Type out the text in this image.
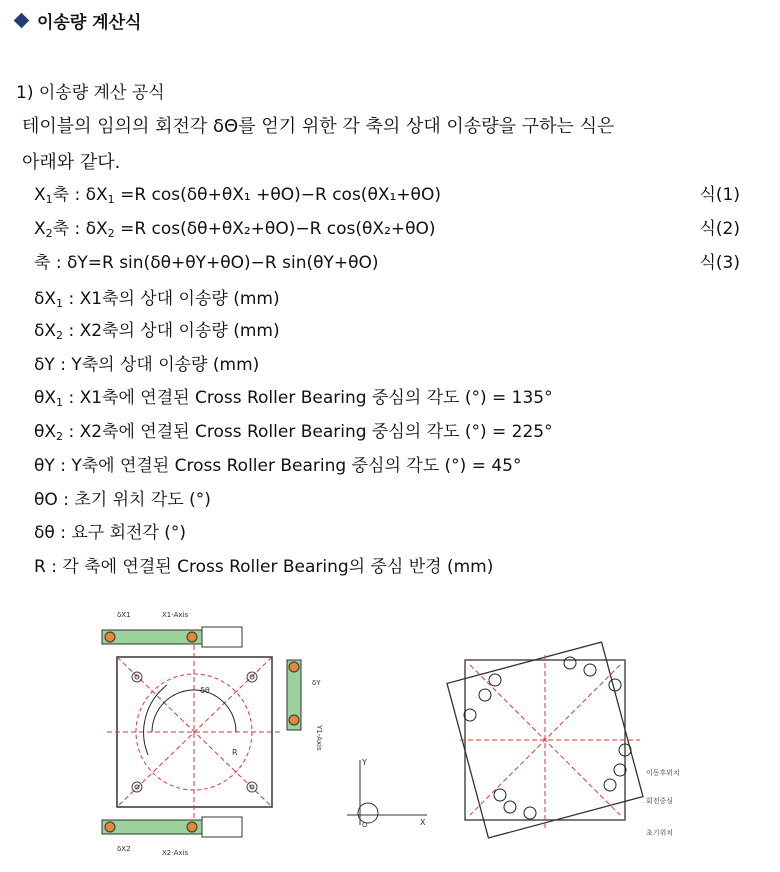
이송량 계산식
1) 이송량 계산 공식
테이블의 임의의 회전각 δΘ를 얻기 위한 각 축의 상대 이송량을 구하는 식은
아래와 같다.
$X_1$축 : $\delta X_1 =R$ cos(δθ+θX₁ +θO)−R cos(θX₁+θO)	식(1)
$X_2$축 : $\delta X_2 =R$ cos(δθ+θX₂+θO)−R cos(θX₂+θO)	식(2)
축 : δY=R sin(δθ+θY+θO)−R sin(θY+θO)	식(3)
$\delta X_1$ : X1축의 상대 이송량 (mm)
$\delta X_2$ : X2축의 상대 이송량 (mm)
δY : Y축의 상대 이송량 (mm)
$\theta X_1$ : X1축에 연결된 Cross Roller Bearing 중심의 각도 (°) = 135°
$\theta X_2$ : X2축에 연결된 Cross Roller Bearing 중심의 각도 (°) = 225°
θY : Y축에 연결된 Cross Roller Bearing 중심의 각도 (°) = 45°
θO : 초기 위치 각도 (°)
δθ : 요구 회전각 (°)
R : 각 축에 연결된 Cross Roller Bearing의 중심 반경 (mm)
δθ
R
δX1	X1-Axis
δX2	X2-Axis
δY
Y1-Axis
Y
X
O
이동후위치
회전중심
초기위치
